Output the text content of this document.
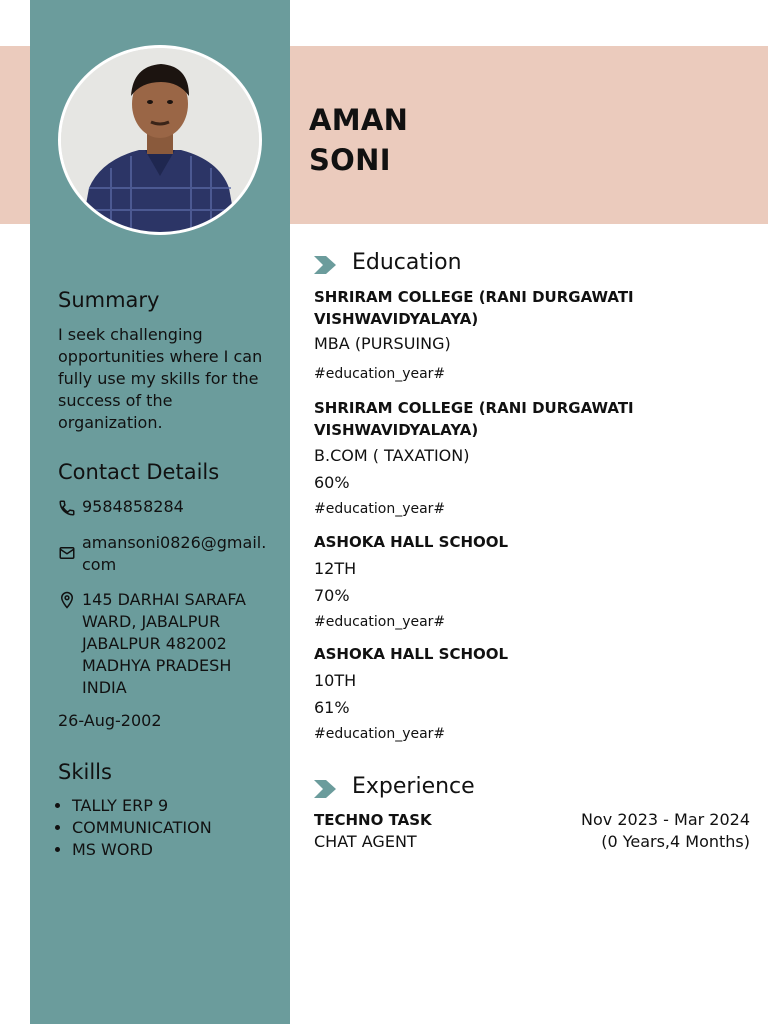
AMAN
SONI
Summary
I seek challenging opportunities where I can fully use my skills for the success of the organization.
Contact Details
9584858284
amansoni0826@gmail.com
145 DARHAI SARAFA
WARD, JABALPUR
JABALPUR 482002
MADHYA PRADESH
INDIA
26-Aug-2002
Skills
• TALLY ERP 9
• COMMUNICATION
• MS WORD
Education
SHRIRAM COLLEGE (RANI DURGAWATI VISHWAVIDYALAYA)
MBA (PURSUING)
#education_year#
SHRIRAM COLLEGE (RANI DURGAWATI VISHWAVIDYALAYA)
B.COM ( TAXATION)
60%
#education_year#
ASHOKA HALL SCHOOL
12TH
70%
#education_year#
ASHOKA HALL SCHOOL
10TH
61%
#education_year#
Experience
TECHNO TASK	Nov 2023 - Mar 2024
CHAT AGENT	(0 Years,4 Months)
